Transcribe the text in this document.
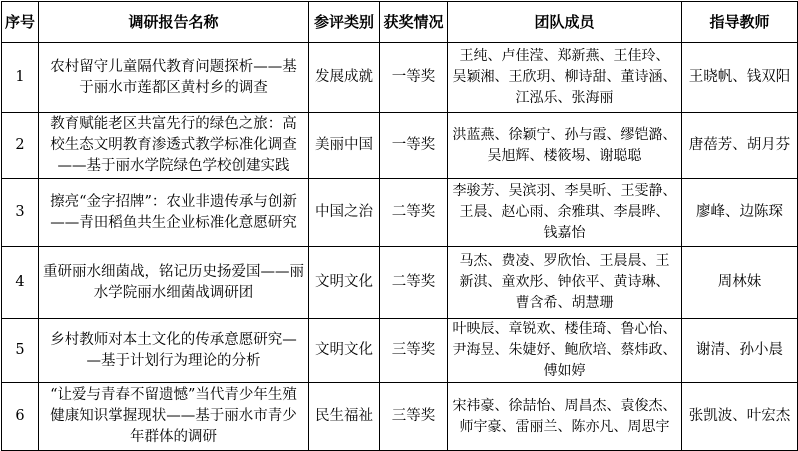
序号	调研报告名称	参评类别	获奖情况	团队成员	指导教师
1	农村留守儿童隔代教育问题探析——基
于丽水市莲都区黄村乡的调查	发展成就	一等奖	王纯、卢佳滢、郑新燕、王佳玲、
吴颖湘、王欣玥、柳诗甜、董诗涵、
江泓乐、张海丽	王晓帆、钱双阳
2	教育赋能老区共富先行的绿色之旅：高
校生态文明教育渗透式教学标准化调查
——基于丽水学院绿色学校创建实践	美丽中国	一等奖	洪蓝燕、徐颖宁、孙与霞、缪铠潞、
吴旭辉、楼筱埸、谢聪聪	唐蓓芳、胡月芬
3	擦亮“金字招牌”：农业非遗传承与创新
——青田稻鱼共生企业标准化意愿研究	中国之治	二等奖	李骏芳、吴滨羽、李昊昕、王雯静、
王晨、赵心雨、余雅琪、李晨晔、
钱嘉怡	廖峰、边陈琛
4	重研丽水细菌战，铭记历史扬爱国——丽
水学院丽水细菌战调研团	文明文化	二等奖	马杰、费凌、罗欣怡、王晨晨、王
新淇、童欢彤、钟依平、黄诗琳、
曹含希、胡慧珊	周林妹
5	乡村教师对本土文化的传承意愿研究—
—基于计划行为理论的分析	文明文化	三等奖	叶映辰、章锐欢、楼佳琦、鲁心怡、
尹海昱、朱婕妤、鲍欣培、蔡炜政、
傅如婷	谢清、孙小晨
6	“让爱与青春不留遗憾”当代青少年生殖
健康知识掌握现状——基于丽水市青少
年群体的调研	民生福祉	三等奖	宋祎豪、徐喆怡、周昌杰、袁俊杰、
师宇豪、雷丽兰、陈亦凡、周思宇	张凯波、叶宏杰
